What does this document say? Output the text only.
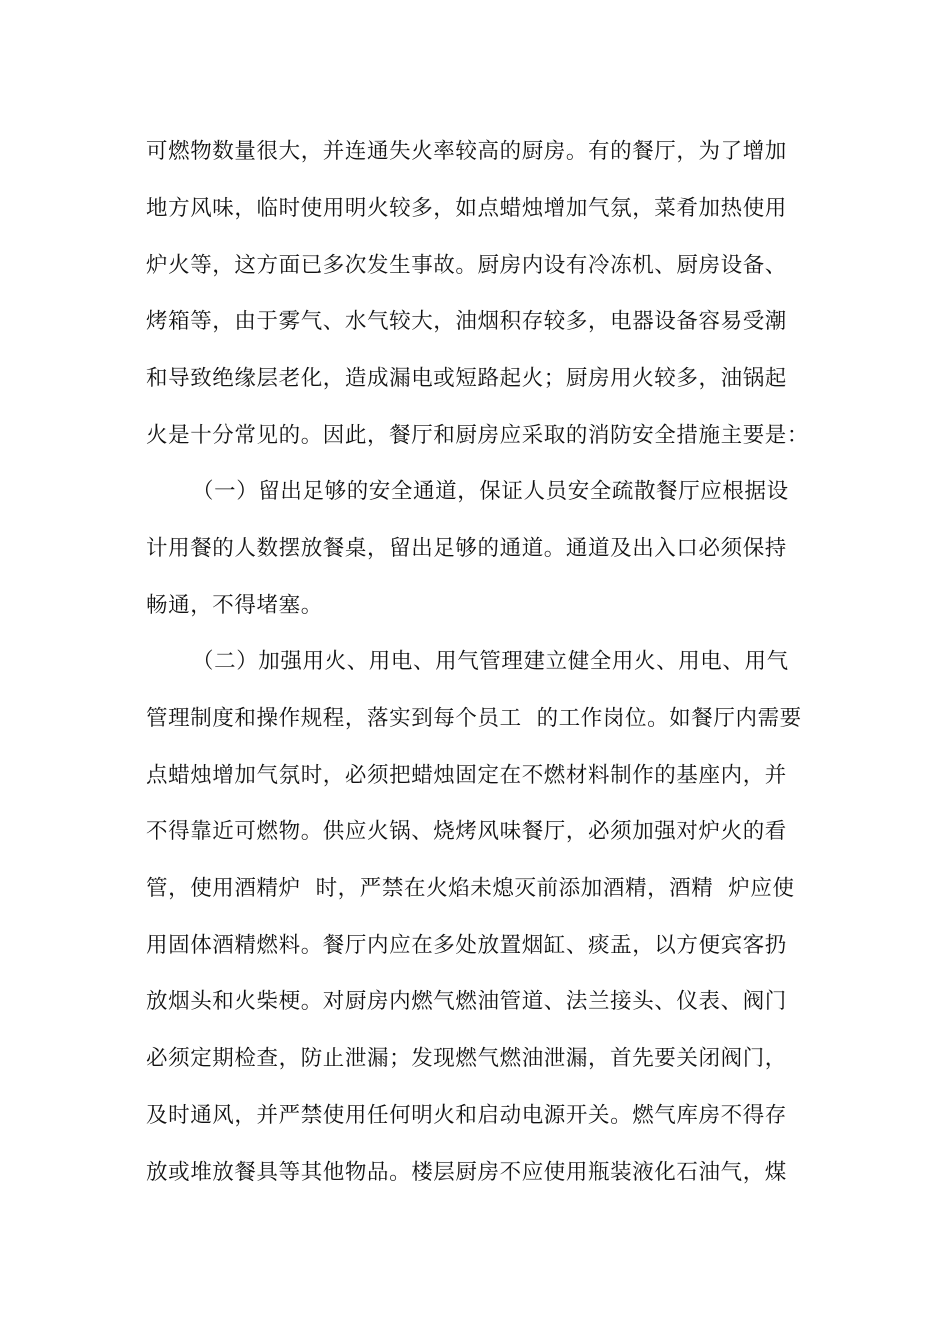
可燃物数量很大，并连通失火率较高的厨房。有的餐厅，为了增加
地方风味，临时使用明火较多，如点蜡烛增加气氛，菜肴加热使用
炉火等，这方面已多次发生事故。厨房内设有冷冻机、厨房设备、
烤箱等，由于雾气、水气较大，油烟积存较多，电器设备容易受潮
和导致绝缘层老化，造成漏电或短路起火；厨房用火较多，油锅起
火是十分常见的。因此，餐厅和厨房应采取的消防安全措施主要是：
（一）留出足够的安全通道，保证人员安全疏散餐厅应根据设
计用餐的人数摆放餐桌，留出足够的通道。通道及出入口必须保持
畅通，不得堵塞。
（二）加强用火、用电、用气管理建立健全用火、用电、用气
管理制度和操作规程，落实到每个员工  的工作岗位。如餐厅内需要
点蜡烛增加气氛时，必须把蜡烛固定在不燃材料制作的基座内，并
不得靠近可燃物。供应火锅、烧烤风味餐厅，必须加强对炉火的看
管，使用酒精炉  时，严禁在火焰未熄灭前添加酒精，酒精  炉应使
用固体酒精燃料。餐厅内应在多处放置烟缸、痰盂，以方便宾客扔
放烟头和火柴梗。对厨房内燃气燃油管道、法兰接头、仪表、阀门
必须定期检查，防止泄漏；发现燃气燃油泄漏，首先要关闭阀门，
及时通风，并严禁使用任何明火和启动电源开关。燃气库房不得存
放或堆放餐具等其他物品。楼层厨房不应使用瓶装液化石油气，煤
